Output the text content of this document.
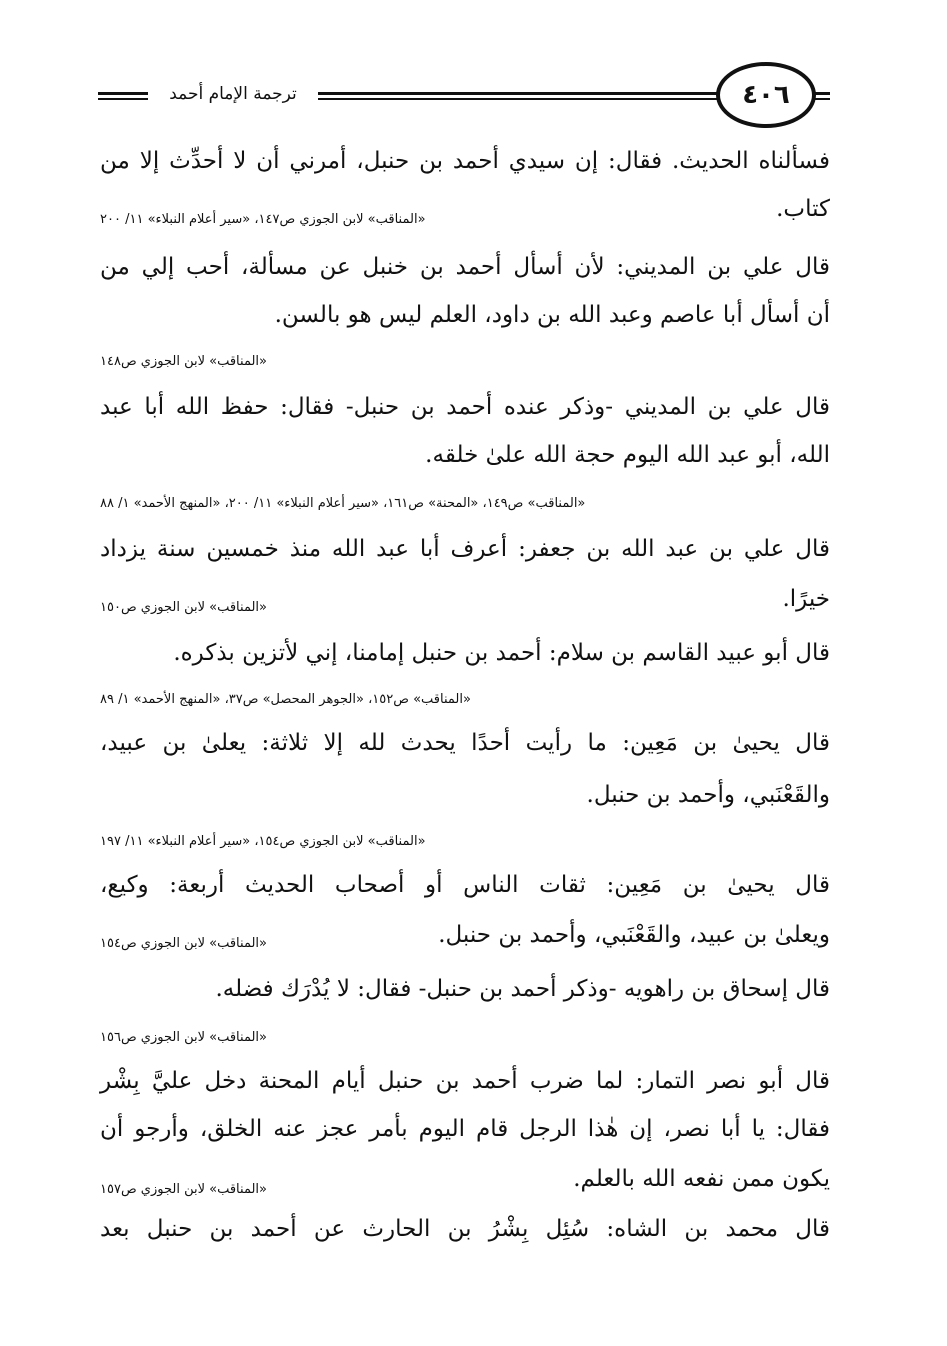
ترجمة الإمام أحمد	٤٠٦
فسألناه الحديث. فقال: إن سيدي أحمد بن حنبل، أمرني أن لا أحدِّث إلا من
كتاب.
«المناقب» لابن الجوزي ص١٤٧، «سير أعلام النبلاء» ١١/ ٢٠٠
قال علي بن المديني: لأن أسأل أحمد بن خنبل عن مسألة، أحب إلي من
أن أسأل أبا عاصم وعبد الله بن داود، العلم ليس هو بالسن.
«المناقب» لابن الجوزي ص١٤٨
قال علي بن المديني -وذكر عنده أحمد بن حنبل- فقال: حفظ الله أبا عبد
الله، أبو عبد الله اليوم حجة الله علىٰ خلقه.
«المناقب» ص١٤٩، «المحنة» ص١٦١، «سير أعلام النبلاء» ١١/ ٢٠٠، «المنهج الأحمد» ١/ ٨٨
قال علي بن عبد الله بن جعفر: أعرف أبا عبد الله منذ خمسين سنة يزداد
خيرًا.
«المناقب» لابن الجوزي ص١٥٠
قال أبو عبيد القاسم بن سلام: أحمد بن حنبل إمامنا، إني لأتزين بذكره.
«المناقب» ص١٥٢، «الجوهر المحصل» ص٣٧، «المنهج الأحمد» ١/ ٨٩
قال يحيىٰ بن مَعِين: ما رأيت أحدًا يحدث لله إلا ثلاثة: يعلىٰ بن عبيد،
والقَعْنَبي، وأحمد بن حنبل.
«المناقب» لابن الجوزي ص١٥٤، «سير أعلام النبلاء» ١١/ ١٩٧
قال يحيىٰ بن مَعِين: ثقات الناس أو أصحاب الحديث أربعة: وكيع،
ويعلىٰ بن عبيد، والقَعْنَبي، وأحمد بن حنبل.
«المناقب» لابن الجوزي ص١٥٤
قال إسحاق بن راهويه -وذكر أحمد بن حنبل- فقال: لا يُدْرَك فضله.
«المناقب» لابن الجوزي ص١٥٦
قال أبو نصر التمار: لما ضرب أحمد بن حنبل أيام المحنة دخل عليَّ بِشْر
فقال: يا أبا نصر، إن هٰذا الرجل قام اليوم بأمر عجز عنه الخلق، وأرجو أن
يكون ممن نفعه الله بالعلم.
«المناقب» لابن الجوزي ص١٥٧
قال محمد بن الشاه: سُئِل بِشْرُ بن الحارث عن أحمد بن حنبل بعد
